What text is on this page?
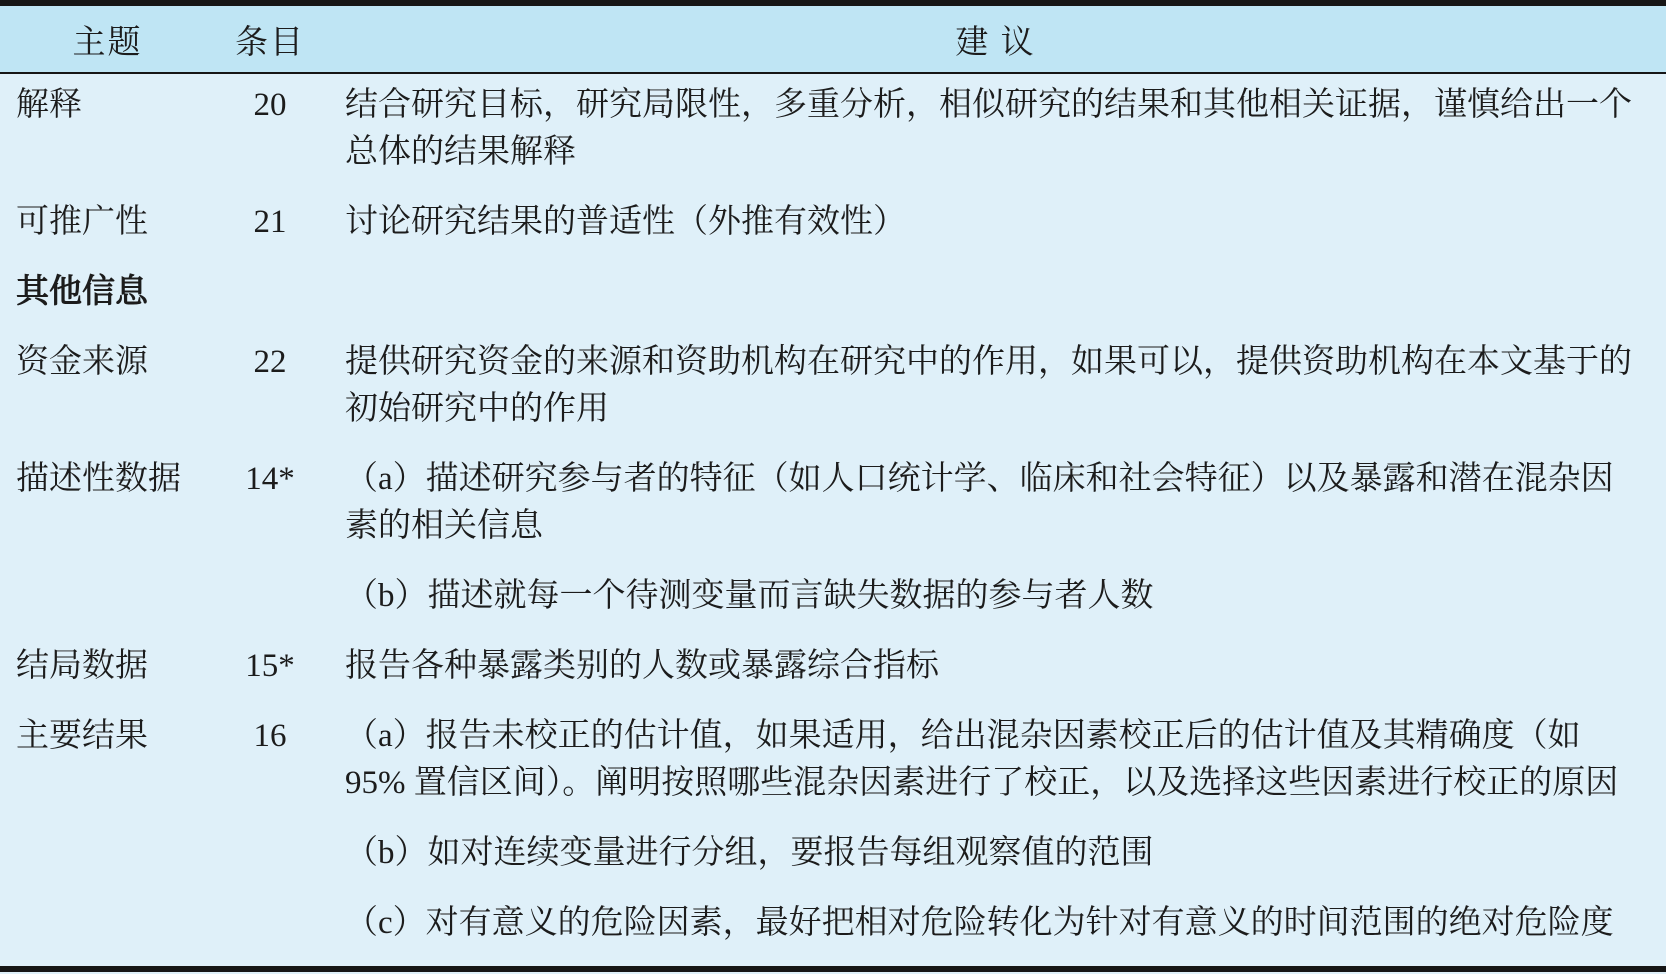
主题	条目	建 议
解释	20	结合研究目标，研究局限性，多重分析，相似研究的结果和其他相关证据，谨慎给出一个总体的结果解释

可推广性	21	讨论研究结果的普适性（外推有效性）

其他信息
资金来源	22	提供研究资金的来源和资助机构在研究中的作用，如果可以，提供资助机构在本文基于的初始研究中的作用

描述性数据	14*	（a）描述研究参与者的特征（如人口统计学、临床和社会特征）以及暴露和潜在混杂因素的相关信息

（b）描述就每一个待测变量而言缺失数据的参与者人数

结局数据	15*	报告各种暴露类别的人数或暴露综合指标

主要结果	16	（a）报告未校正的估计值，如果适用，给出混杂因素校正后的估计值及其精确度（如95% 置信区间）。阐明按照哪些混杂因素进行了校正，以及选择这些因素进行校正的原因

（b）如对连续变量进行分组，要报告每组观察值的范围

（c）对有意义的危险因素，最好把相对危险转化为针对有意义的时间范围的绝对危险度
